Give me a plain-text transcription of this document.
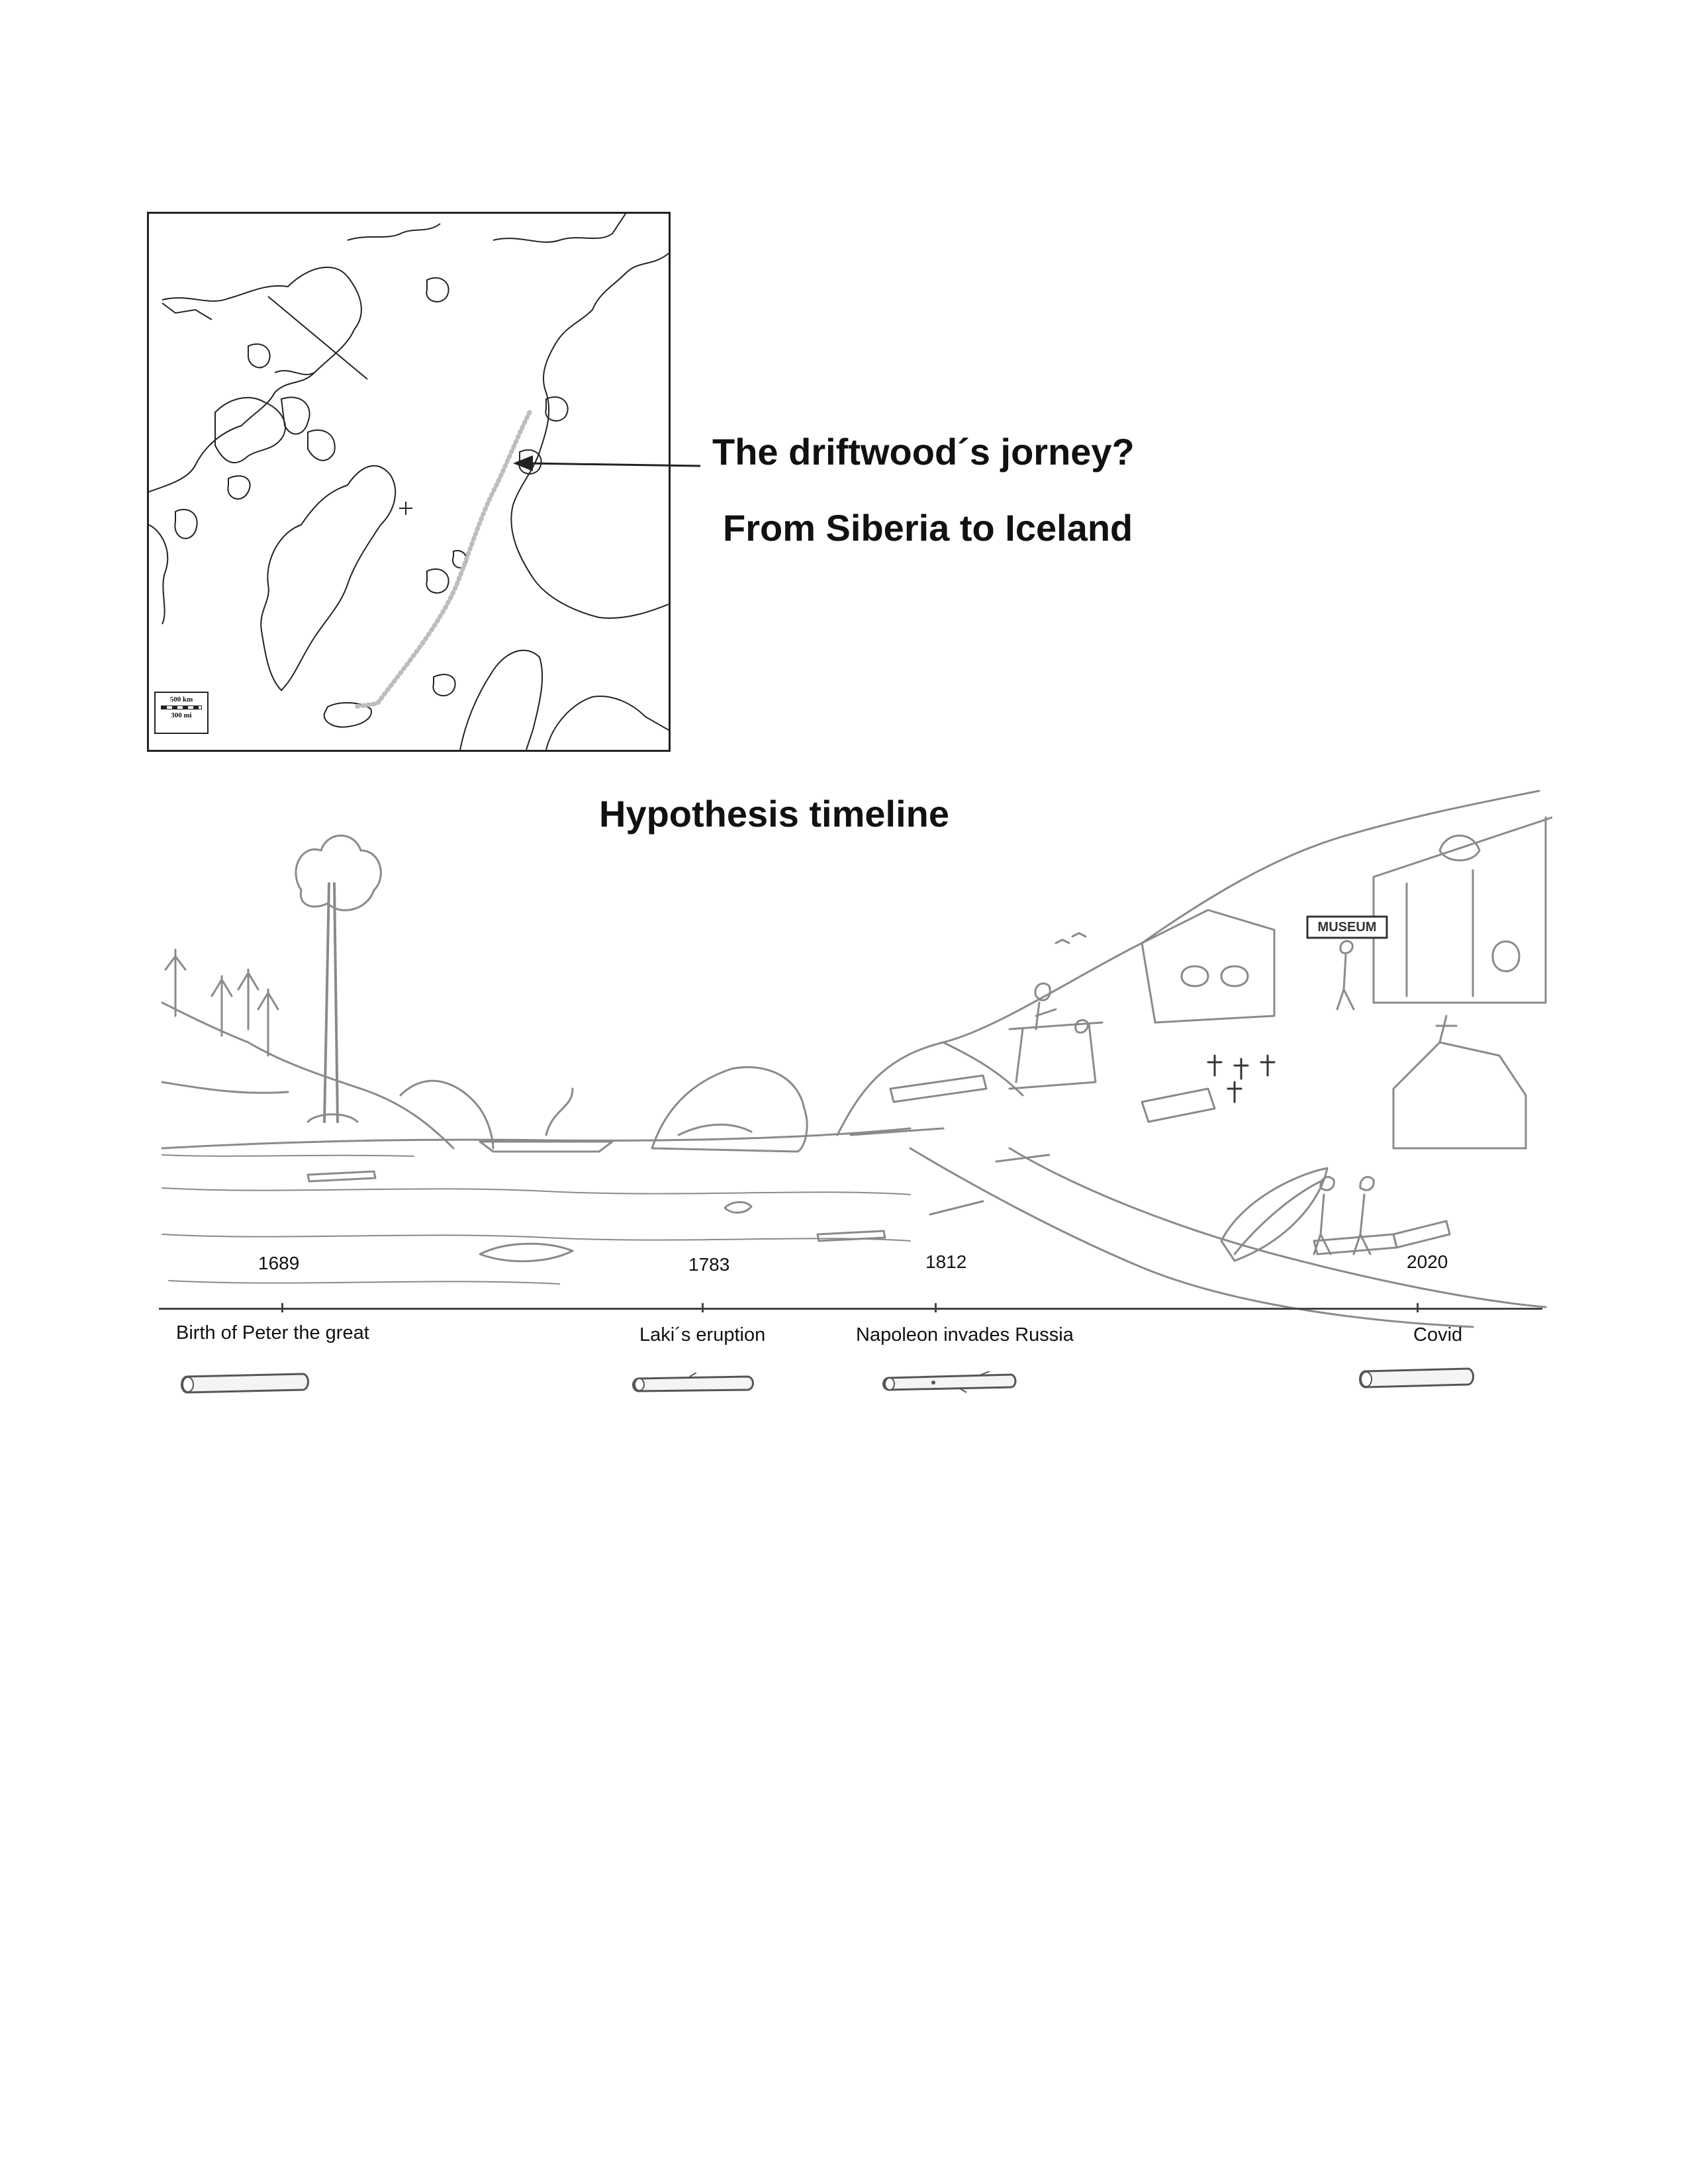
500 km
300 mi
The driftwood´s jorney?
From Siberia to Iceland
Hypothesis timeline
MUSEUM
1689	1783	1812	2020
Birth of Peter the great	Laki´s eruption	Napoleon invades Russia	Covid
